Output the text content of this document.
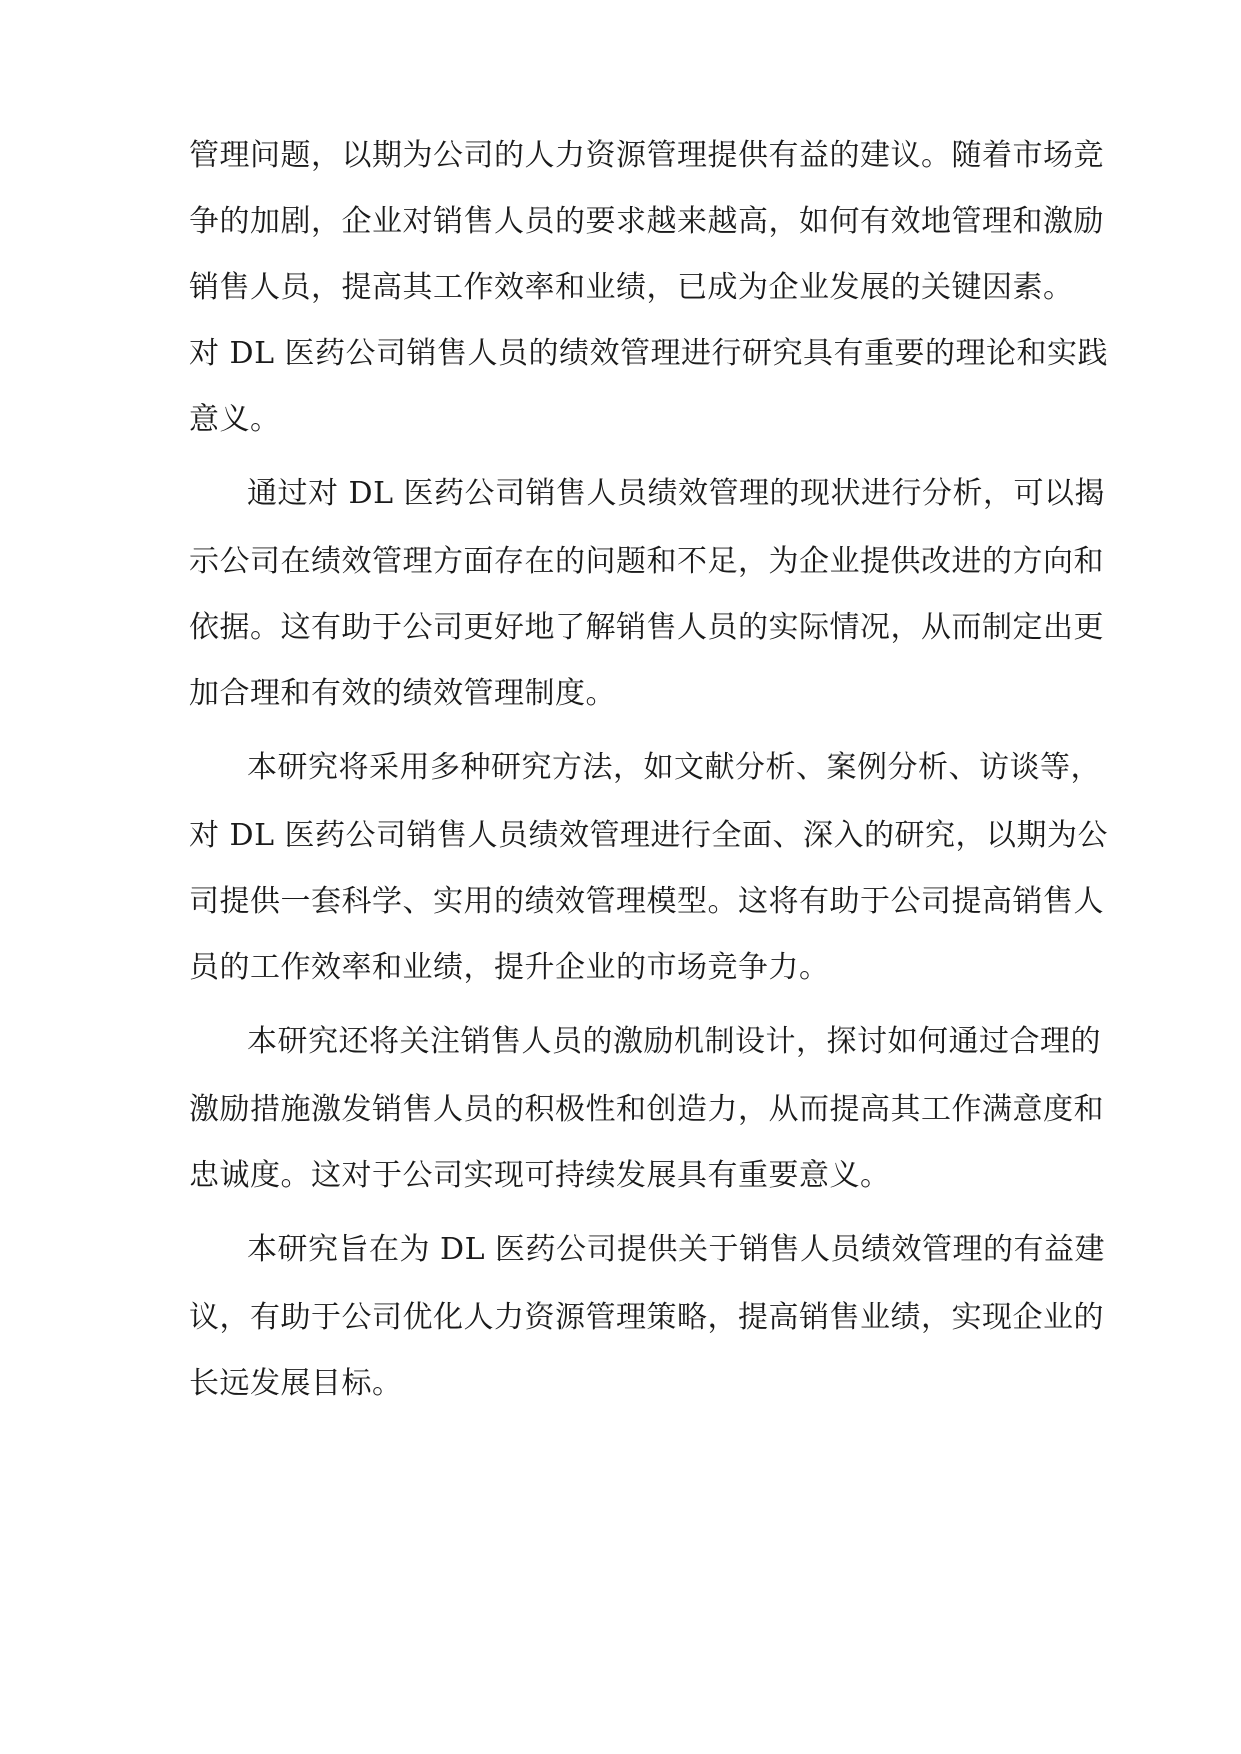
管理问题，以期为公司的人力资源管理提供有益的建议。随着市场竞
争的加剧，企业对销售人员的要求越来越高，如何有效地管理和激励
销售人员，提高其工作效率和业绩，已成为企业发展的关键因素。
对 DL 医药公司销售人员的绩效管理进行研究具有重要的理论和实践
意义。
通过对 DL 医药公司销售人员绩效管理的现状进行分析，可以揭
示公司在绩效管理方面存在的问题和不足，为企业提供改进的方向和
依据。这有助于公司更好地了解销售人员的实际情况，从而制定出更
加合理和有效的绩效管理制度。
本研究将采用多种研究方法，如文献分析、案例分析、访谈等，
对 DL 医药公司销售人员绩效管理进行全面、深入的研究，以期为公
司提供一套科学、实用的绩效管理模型。这将有助于公司提高销售人
员的工作效率和业绩，提升企业的市场竞争力。
本研究还将关注销售人员的激励机制设计，探讨如何通过合理的
激励措施激发销售人员的积极性和创造力，从而提高其工作满意度和
忠诚度。这对于公司实现可持续发展具有重要意义。
本研究旨在为 DL 医药公司提供关于销售人员绩效管理的有益建
议，有助于公司优化人力资源管理策略，提高销售业绩，实现企业的
长远发展目标。
